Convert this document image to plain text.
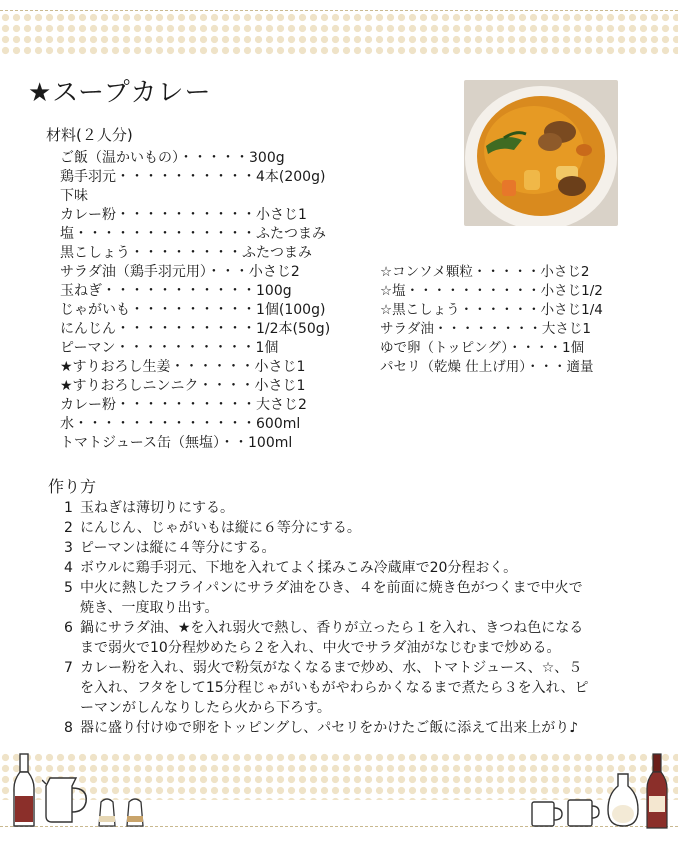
★スープカレー
材料(２人分)
ご飯（温かいもの）・・・・・300g
鶏手羽元・・・・・・・・・・4本(200g)
下味
カレー粉・・・・・・・・・・小さじ1
塩・・・・・・・・・・・・・ふたつまみ
黒こしょう・・・・・・・・ふたつまみ
サラダ油（鶏手羽元用）・・・小さじ2
玉ねぎ・・・・・・・・・・・100g
じゃがいも・・・・・・・・・1個(100g)
にんじん・・・・・・・・・・1/2本(50g)
ピーマン・・・・・・・・・・1個
★すりおろし生姜・・・・・・小さじ1
★すりおろしニンニク・・・・小さじ1
カレー粉・・・・・・・・・・大さじ2
水・・・・・・・・・・・・・600ml
トマトジュース缶（無塩）・・100ml
☆コンソメ顆粒・・・・・小さじ2
☆塩・・・・・・・・・・小さじ1/2
☆黒こしょう・・・・・・小さじ1/4
サラダ油・・・・・・・・大さじ1
ゆで卵（トッピング）・・・・1個
パセリ（乾燥 仕上げ用）・・・適量
作り方
1 玉ねぎは薄切りにする。
2 にんじん、じゃがいもは縦に６等分にする。
3 ピーマンは縦に４等分にする。
4 ボウルに鶏手羽元、下地を入れてよく揉みこみ冷蔵庫で20分程おく。
5 中火に熱したフライパンにサラダ油をひき、４を前面に焼き色がつくまで中火で
焼き、一度取り出す。
6 鍋にサラダ油、★を入れ弱火で熱し、香りが立ったら１を入れ、きつね色になる
まで弱火で10分程炒めたら２を入れ、中火でサラダ油がなじむまで炒める。
7 カレー粉を入れ、弱火で粉気がなくなるまで炒め、水、トマトジュース、☆、５
を入れ、フタをして15分程じゃがいもがやわらかくなるまで煮たら３を入れ、ピ
ーマンがしんなりしたら火から下ろす。
8 器に盛り付けゆで卵をトッピングし、パセリをかけたご飯に添えて出来上がり♪
